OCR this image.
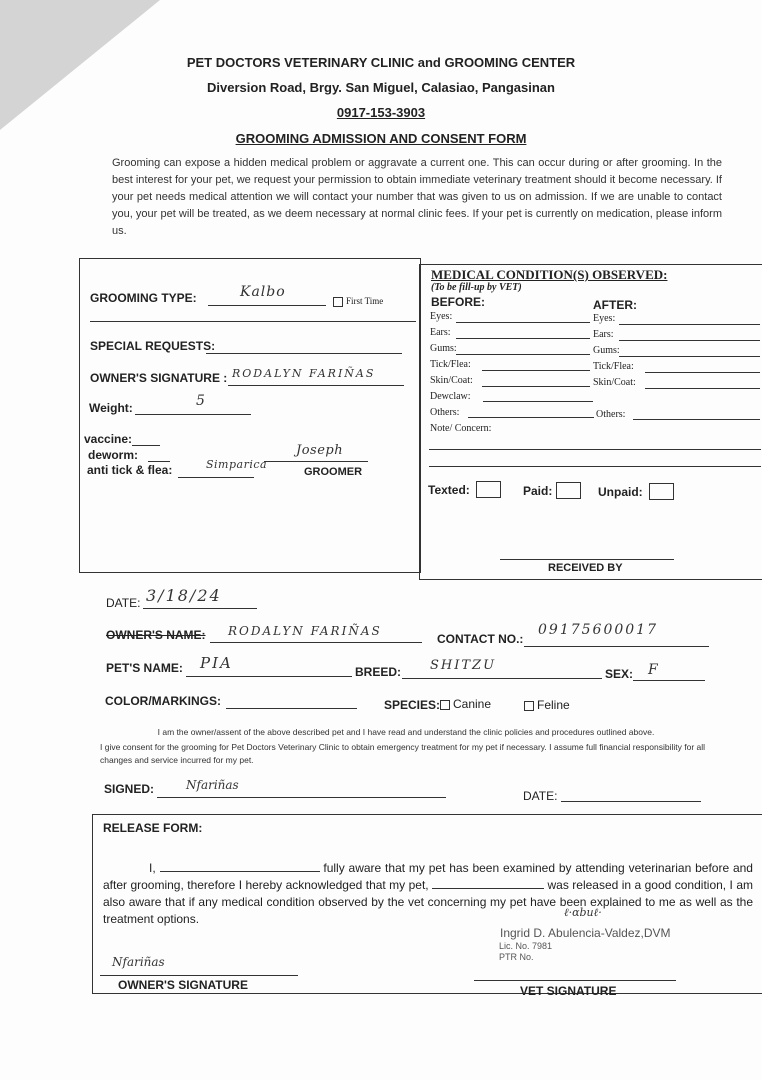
PET DOCTORS VETERINARY CLINIC and GROOMING CENTER
Diversion Road, Brgy. San Miguel, Calasiao, Pangasinan
0917-153-3903
GROOMING ADMISSION AND CONSENT FORM
Grooming can expose a hidden medical problem or aggravate a current one. This can occur during or after grooming. In the best interest for your pet, we request your permission to obtain immediate veterinary treatment should it become necessary. If your pet needs medical attention we will contact your number that was given to us on admission. If we are unable to contact you, your pet will be treated, as we deem necessary at normal clinic fees. If your pet is currently on medication, please inform us.
GROOMING TYPE:	Kalbo
First Time
SPECIAL REQUESTS:
OWNER'S SIGNATURE : RODALYN FARIÑAS
Weight:	5
vaccine:
deworm:
anti tick & flea:	Simparica
Joseph
GROOMER
MEDICAL CONDITION(S) OBSERVED:
(To be fill-up by VET)
BEFORE:	AFTER:
Eyes:	Eyes:
Ears:	Ears:
Gums:	Gums:
Tick/Flea:	Tick/Flea:
Skin/Coat:	Skin/Coat:
Dewclaw:
Others:	Others:
Note/ Concern:
Texted:	Paid:	Unpaid:
RECEIVED BY
DATE: 3/18/24
OWNER'S NAME: RODALYN FARIÑAS
CONTACT NO.:
09175600017
PET'S NAME: PIA	BREED: SHITZU
SEX: F
COLOR/MARKINGS:	SPECIES:	Canine	Feline
I am the owner/assent of the above described pet and I have read and understand the clinic policies and procedures outlined above.
I give consent for the grooming for Pet Doctors Veterinary Clinic to obtain emergency treatment for my pet if necessary. I assume full financial responsibility for all changes and service incurred for my pet.
SIGNED:	Nfariñas
DATE:
RELEASE FORM:
I,	fully aware that my pet has been examined by attending veterinarian before and after grooming, therefore I hereby acknowledged that my pet,	was released in a good condition, I am also aware that if any medical condition observed by the vet concerning my pet have been explained to me as well as the treatment options.
Ingrid D. Abulencia-Valdez,DVM
Lic. No. 7981
PTR No.
ℓ·ɑbuℓ·
Nfariñas
OWNER'S SIGNATURE	VET SIGNATURE
